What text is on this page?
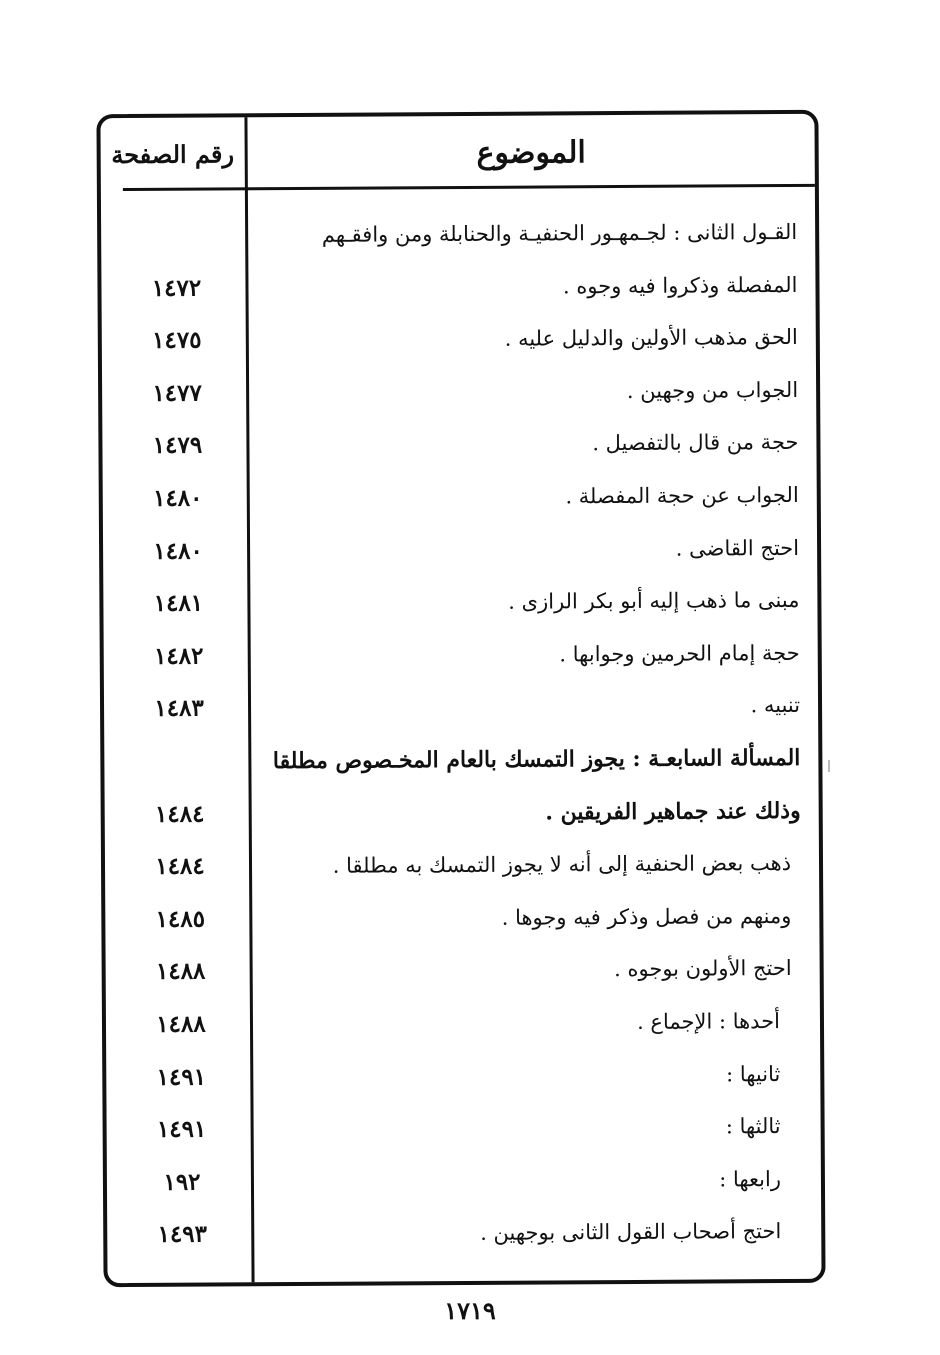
رقم الصفحة	الموضوع
القـول الثانى : لجـمهـور الحنفيـة والحنابلة ومن وافقـهم
المفصلة وذكروا فيه وجوه .
١٤٧٢
الحق مذهب الأولين والدليل عليه .
١٤٧٥
الجواب من وجهين .
١٤٧٧
حجة من قال بالتفصيل .
١٤٧٩
الجواب عن حجة المفصلة .
١٤٨٠
احتج القاضى .
١٤٨٠
مبنى ما ذهب إليه أبو بكر الرازى .
١٤٨١
حجة إمام الحرمين وجوابها .
١٤٨٢
تنبيه .
١٤٨٣
المسألة السابعـة : يجوز التمسك بالعام المخـصوص مطلقا
وذلك عند جماهير الفريقين .
١٤٨٤
ذهب بعض الحنفية إلى أنه لا يجوز التمسك به مطلقا .
١٤٨٤
ومنهم من فصل وذكر فيه وجوها .
١٤٨٥
احتج الأولون بوجوه .
١٤٨٨
أحدها : الإجماع .
١٤٨٨
ثانيها :
١٤٩١
ثالثها :
١٤٩١
رابعها :
١٩٢
احتج أصحاب القول الثانى بوجهين .
١٤٩٣
١٧١٩
